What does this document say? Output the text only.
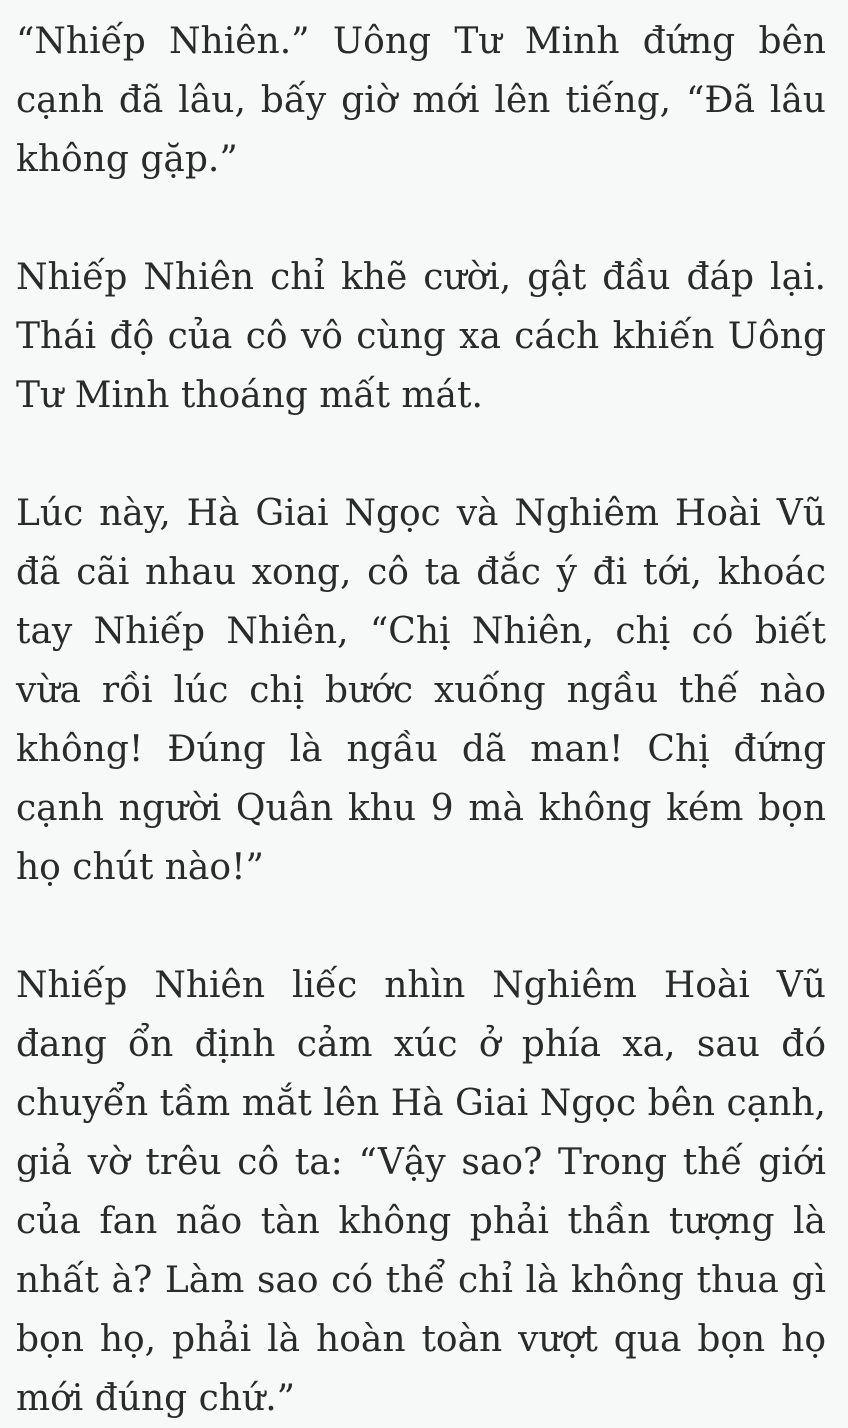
“Nhiếp Nhiên.” Uông Tư Minh đứng bên cạnh đã lâu, bấy giờ mới lên tiếng, “Đã lâu không gặp.”

Nhiếp Nhiên chỉ khẽ cười, gật đầu đáp lại. Thái độ của cô vô cùng xa cách khiến Uông Tư Minh thoáng mất mát.

Lúc này, Hà Giai Ngọc và Nghiêm Hoài Vũ đã cãi nhau xong, cô ta đắc ý đi tới, khoác tay Nhiếp Nhiên, “Chị Nhiên, chị có biết vừa rồi lúc chị bước xuống ngầu thế nào không! Đúng là ngầu dã man! Chị đứng cạnh người Quân khu 9 mà không kém bọn họ chút nào!”

Nhiếp Nhiên liếc nhìn Nghiêm Hoài Vũ đang ổn định cảm xúc ở phía xa, sau đó chuyển tầm mắt lên Hà Giai Ngọc bên cạnh, giả vờ trêu cô ta: “Vậy sao? Trong thế giới của fan não tàn không phải thần tượng là nhất à? Làm sao có thể chỉ là không thua gì bọn họ, phải là hoàn toàn vượt qua bọn họ mới đúng chứ.”
